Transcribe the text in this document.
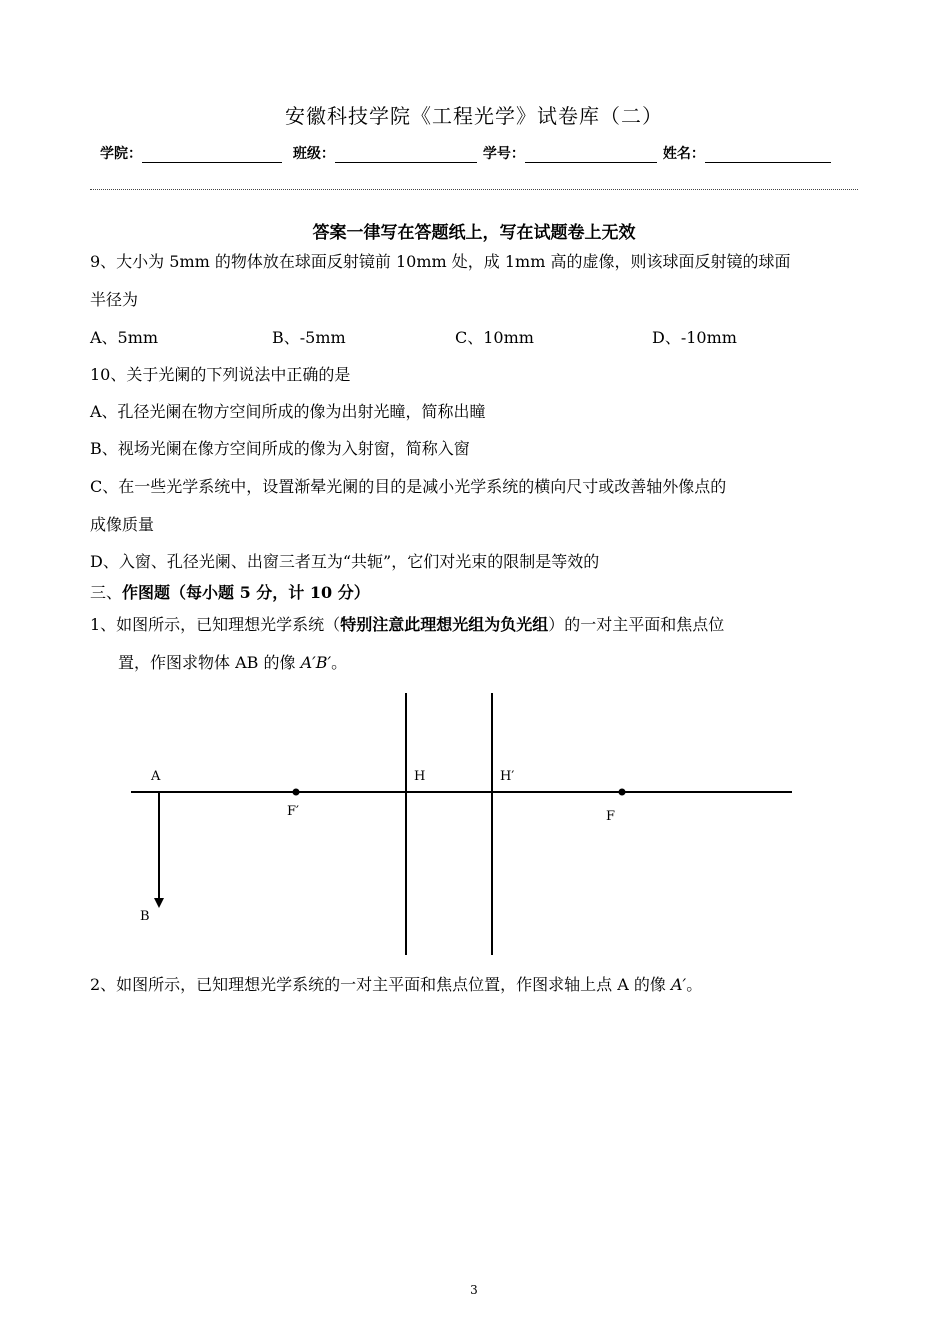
安徽科技学院《工程光学》试卷库（二）
学院：	班级：	学号：	姓名：
答案一律写在答题纸上，写在试题卷上无效
9、大小为 5mm 的物体放在球面反射镜前 10mm 处，成 1mm 高的虚像，则该球面反射镜的球面
半径为
A、5mm	B、-5mm	C、10mm	D、-10mm
10、关于光阑的下列说法中正确的是
A、孔径光阑在物方空间所成的像为出射光瞳，简称出瞳
B、视场光阑在像方空间所成的像为入射窗，简称入窗
C、在一些光学系统中，设置渐晕光阑的目的是减小光学系统的横向尺寸或改善轴外像点的
成像质量
D、入窗、孔径光阑、出窗三者互为“共轭”，它们对光束的限制是等效的
三、作图题（每小题 5 分，计 10 分）
1、如图所示，已知理想光学系统（特别注意此理想光组为负光组）的一对主平面和焦点位
置，作图求物体 AB 的像 A′B′。
A
B
H	H′
F′	F
2、如图所示，已知理想光学系统的一对主平面和焦点位置，作图求轴上点 A 的像 A′。
3
